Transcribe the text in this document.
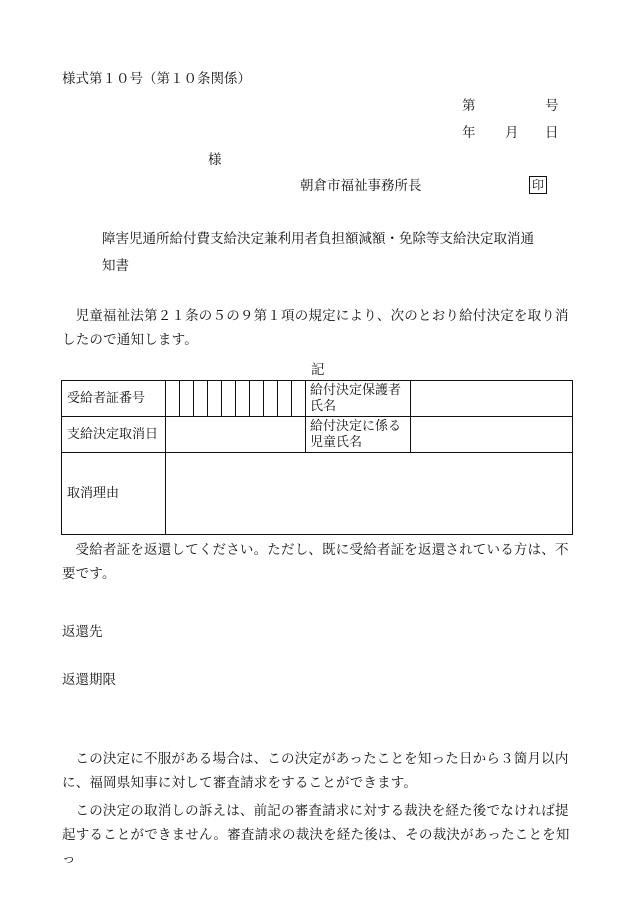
様式第１０号（第１０条関係）
第	号
年 月 日
様
朝倉市福祉事務所長	印
障害児通所給付費支給決定兼利用者負担額減額・免除等支給決定取消通
知書
児童福祉法第２１条の５の９第１項の規定により、次のとおり給付決定を取り消したので通知します。
記
受給者証番号											給付決定保護者
氏名	

支給決定取消日											給付決定に係る
児童氏名	

取消理由												
受給者証を返還してください。ただし、既に受給者証を返還されている方は、不要です。
返還先
返還期限
この決定に不服がある場合は、この決定があったことを知った日から３箇月以内に、福岡県知事に対して審査請求をすることができます。
この決定の取消しの訴えは、前記の審査請求に対する裁決を経た後でなければ提起することができません。審査請求の裁決を経た後は、その裁決があったことを知っ
